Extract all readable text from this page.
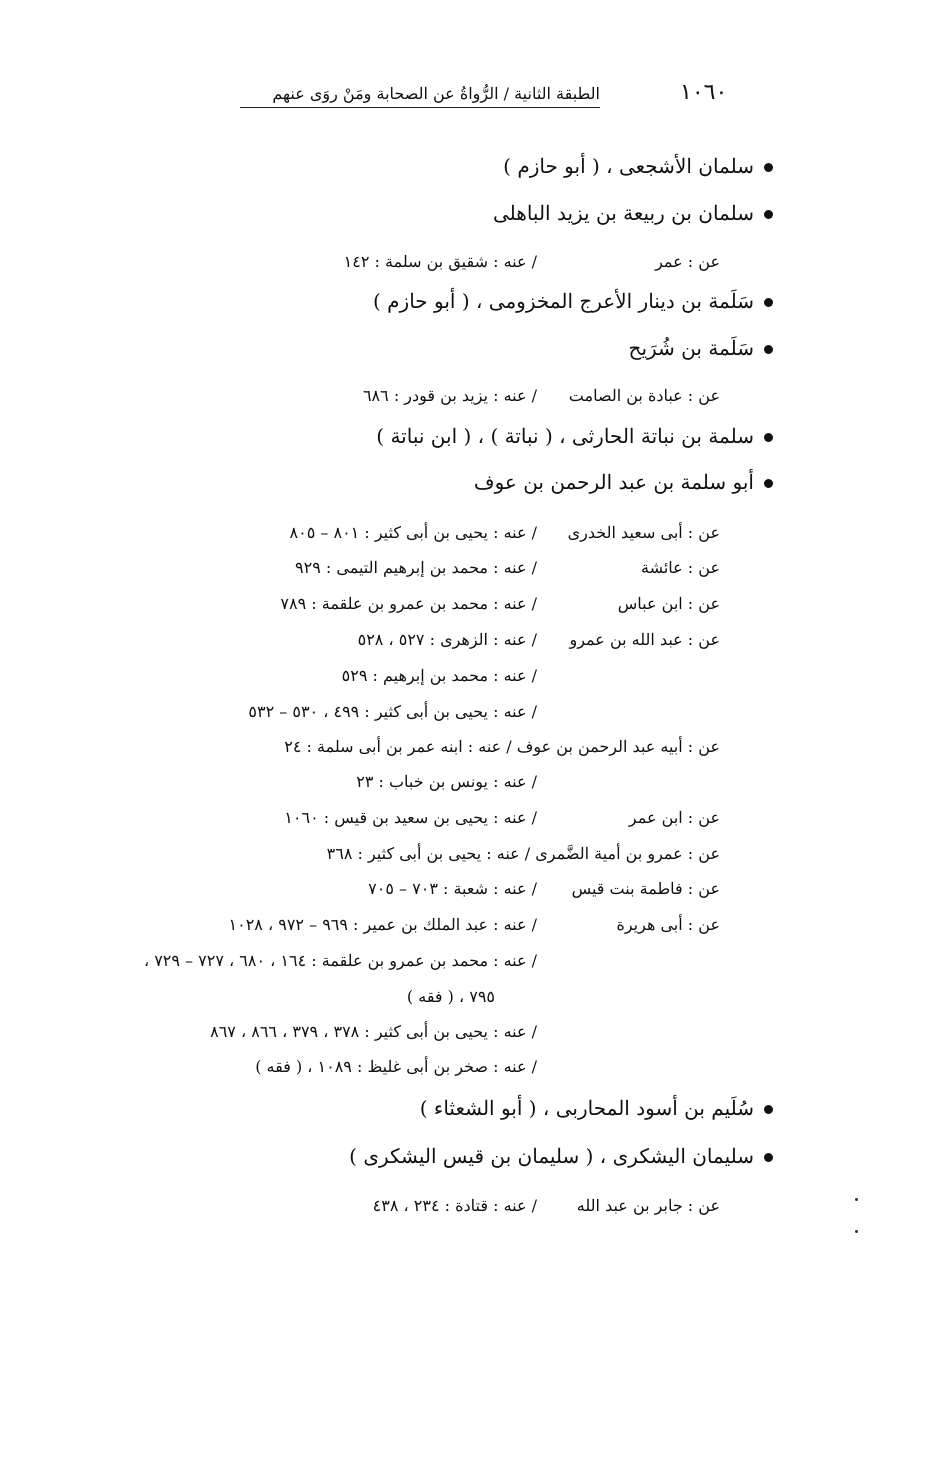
١٠٦٠
الطبقة الثانية / الرُّواةُ عن الصحابة ومَنْ روَى عنهم
سلمان الأشجعى ، ( أبو حازم )
سلمان بن ربيعة بن يزيد الباهلى
سَلَمة بن دينار الأعرج المخزومى ، ( أبو حازم )
سَلَمة بن شُرَيح
سلمة بن نباتة الحارثى ، ( نباتة ) ، ( ابن نباتة )
أبو سلمة بن عبد الرحمن بن عوف
سُلَيم بن أسود المحاربى ، ( أبو الشعثاء )
سليمان اليشكرى ، ( سليمان بن قيس اليشكرى )
عن : عمر
/ عنه : شقيق بن سلمة : ١٤٢
عن : عبادة بن الصامت
/ عنه : يزيد بن قودر : ٦٨٦
عن : أبى سعيد الخدرى
/ عنه : يحيى بن أبى كثير : ٨٠١ – ٨٠٥
عن : عائشة
/ عنه : محمد بن إبرهيم التيمى : ٩٢٩
عن : ابن عباس
/ عنه : محمد بن عمرو بن علقمة : ٧٨٩
عن : عبد الله بن عمرو
/ عنه : الزهرى : ٥٢٧ ، ٥٢٨
/ عنه : محمد بن إبرهيم : ٥٢٩
/ عنه : يحيى بن أبى كثير : ٤٩٩ ، ٥٣٠ – ٥٣٢
عن : أبيه عبد الرحمن بن عوف / عنه : ابنه عمر بن أبى سلمة : ٢٤
/ عنه : يونس بن خباب : ٢٣
عن : ابن عمر
/ عنه : يحيى بن سعيد بن قيس : ١٠٦٠
عن : عمرو بن أمية الضَّمرى / عنه : يحيى بن أبى كثير : ٣٦٨
عن : فاطمة بنت قيس
/ عنه : شعبة : ٧٠٣ – ٧٠٥
عن : أبى هريرة
/ عنه : عبد الملك بن عمير : ٩٦٩ – ٩٧٢ ، ١٠٢٨
/ عنه : محمد بن عمرو بن علقمة : ١٦٤ ، ٦٨٠ ، ٧٢٧ – ٧٢٩ ،
٧٩٥ ، ( فقه )
/ عنه : يحيى بن أبى كثير : ٣٧٨ ، ٣٧٩ ، ٨٦٦ ، ٨٦٧
/ عنه : صخر بن أبى غليظ : ١٠٨٩ ، ( فقه )
عن : جابر بن عبد الله
/ عنه : قتادة : ٢٣٤ ، ٤٣٨
